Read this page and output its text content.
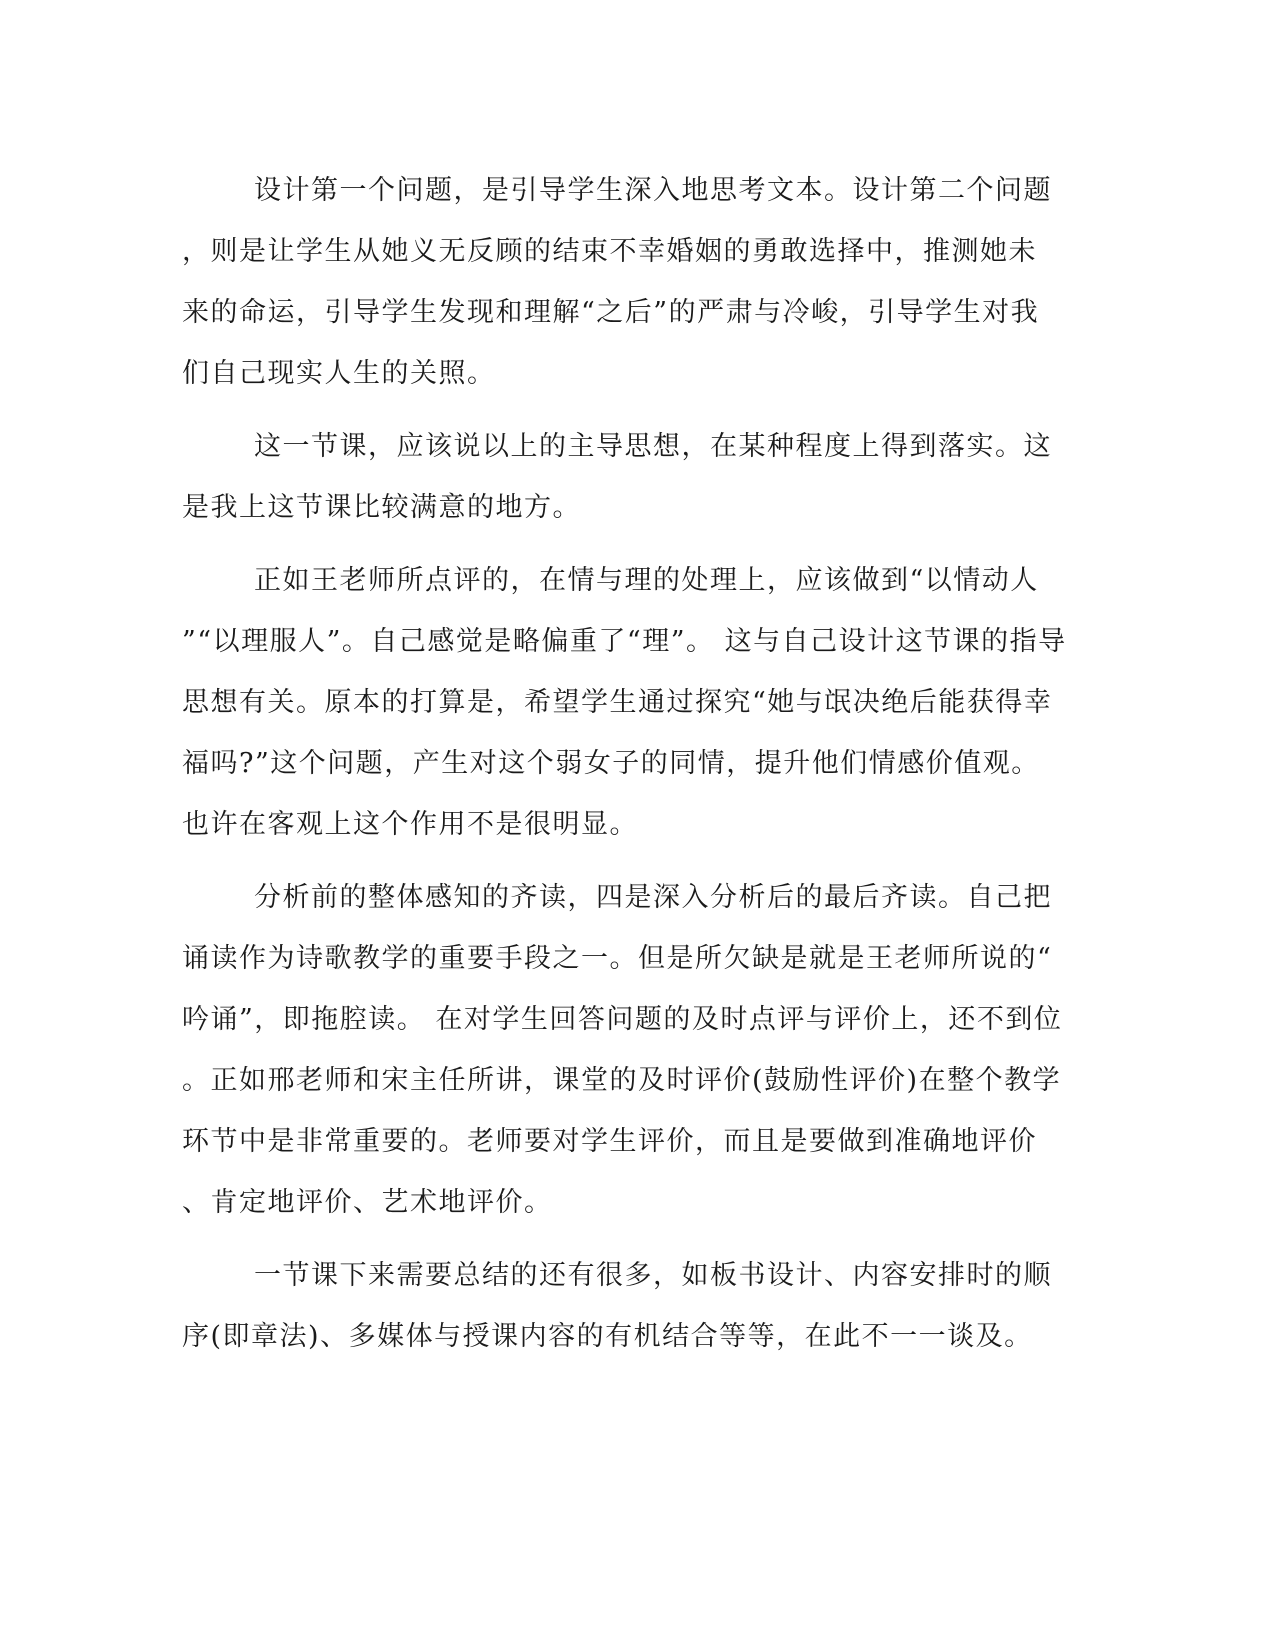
设计第一个问题，是引导学生深入地思考文本。设计第二个问题
，则是让学生从她义无反顾的结束不幸婚姻的勇敢选择中，推测她未
来的命运，引导学生发现和理解“之后”的严肃与冷峻，引导学生对我
们自己现实人生的关照。
这一节课，应该说以上的主导思想，在某种程度上得到落实。这
是我上这节课比较满意的地方。
正如王老师所点评的，在情与理的处理上，应该做到“以情动人
”“以理服人”。自己感觉是略偏重了“理”。 这与自己设计这节课的指导
思想有关。原本的打算是，希望学生通过探究“她与氓决绝后能获得幸
福吗?”这个问题，产生对这个弱女子的同情，提升他们情感价值观。
也许在客观上这个作用不是很明显。
分析前的整体感知的齐读，四是深入分析后的最后齐读。自己把
诵读作为诗歌教学的重要手段之一。但是所欠缺是就是王老师所说的“
吟诵”，即拖腔读。 在对学生回答问题的及时点评与评价上，还不到位
。正如邢老师和宋主任所讲，课堂的及时评价(鼓励性评价)在整个教学
环节中是非常重要的。老师要对学生评价，而且是要做到准确地评价
、肯定地评价、艺术地评价。
一节课下来需要总结的还有很多，如板书设计、内容安排时的顺
序(即章法)、多媒体与授课内容的有机结合等等，在此不一一谈及。
